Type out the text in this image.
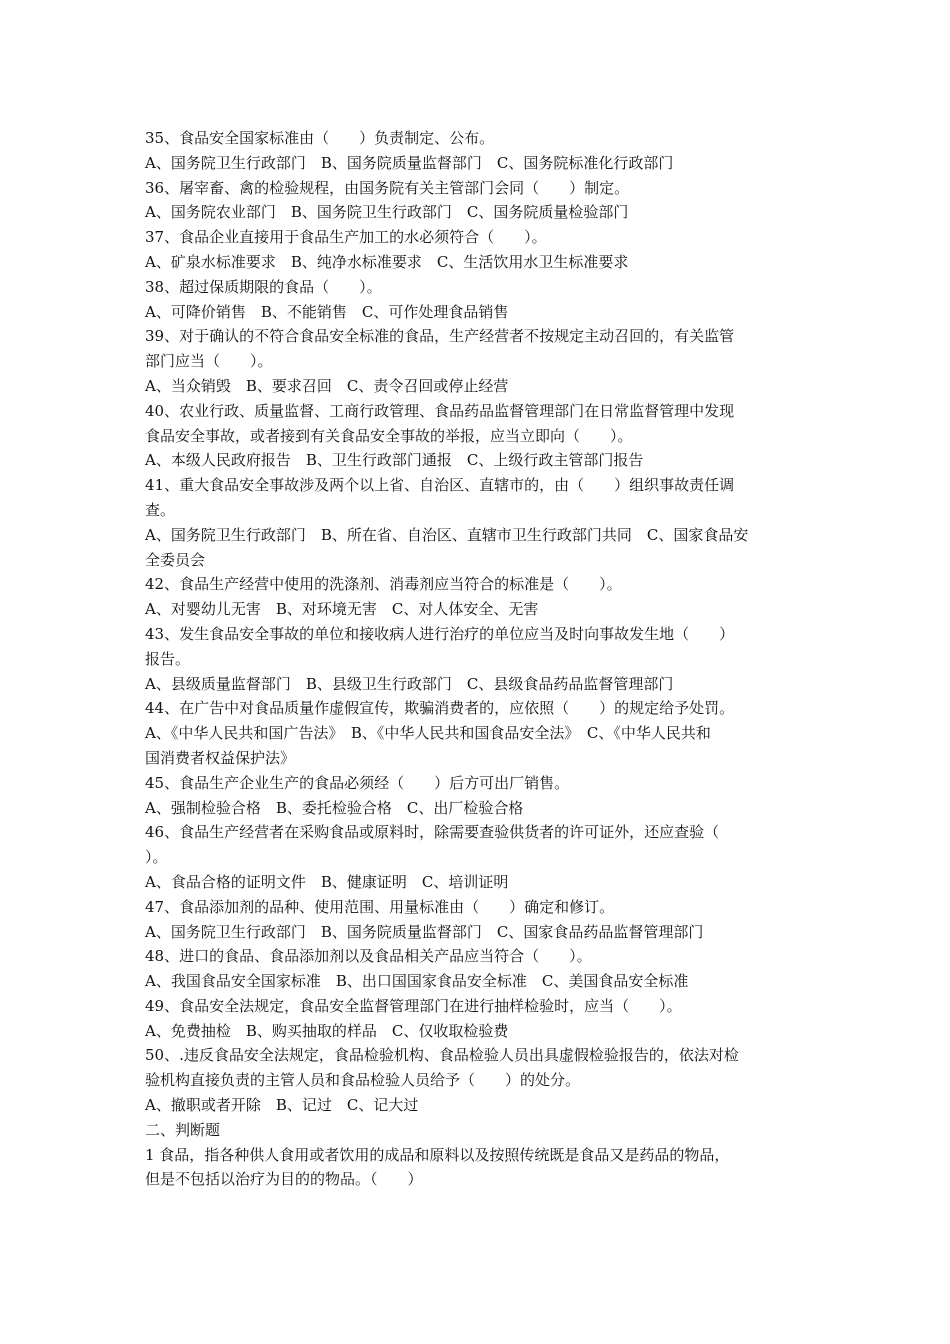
35、食品安全国家标准由（　　）负责制定、公布。
A、国务院卫生行政部门　B、国务院质量监督部门　C、国务院标准化行政部门
36、屠宰畜、禽的检验规程，由国务院有关主管部门会同（　　）制定。
A、国务院农业部门　B、国务院卫生行政部门　C、国务院质量检验部门
37、食品企业直接用于食品生产加工的水必须符合（　　）。
A、矿泉水标准要求　B、纯净水标准要求　C、生活饮用水卫生标准要求
38、超过保质期限的食品（　　）。
A、可降价销售　B、不能销售　C、可作处理食品销售
39、对于确认的不符合食品安全标准的食品，生产经营者不按规定主动召回的，有关监管
部门应当（　　）。
A、当众销毁　B、要求召回　C、责令召回或停止经营
40、农业行政、质量监督、工商行政管理、食品药品监督管理部门在日常监督管理中发现
食品安全事故，或者接到有关食品安全事故的举报，应当立即向（　　）。
A、本级人民政府报告　B、卫生行政部门通报　C、上级行政主管部门报告
41、重大食品安全事故涉及两个以上省、自治区、直辖市的，由（　　）组织事故责任调
查。
A、国务院卫生行政部门　B、所在省、自治区、直辖市卫生行政部门共同　C、国家食品安
全委员会
42、食品生产经营中使用的洗涤剂、消毒剂应当符合的标准是（　　）。
A、对婴幼儿无害　B、对环境无害　C、对人体安全、无害
43、发生食品安全事故的单位和接收病人进行治疗的单位应当及时向事故发生地（　　）
报告。
A、县级质量监督部门　B、县级卫生行政部门　C、县级食品药品监督管理部门
44、在广告中对食品质量作虚假宣传，欺骗消费者的，应依照（　　）的规定给予处罚。
A、《中华人民共和国广告法》　B、《中华人民共和国食品安全法》　C、《中华人民共和
国消费者权益保护法》
45、食品生产企业生产的食品必须经（　　）后方可出厂销售。
A、强制检验合格　B、委托检验合格　C、出厂检验合格
46、食品生产经营者在采购食品或原料时，除需要查验供货者的许可证外，还应查验（
）。
A、食品合格的证明文件　B、健康证明　C、培训证明
47、食品添加剂的品种、使用范围、用量标准由（　　）确定和修订。
A、国务院卫生行政部门　B、国务院质量监督部门　C、国家食品药品监督管理部门
48、进口的食品、食品添加剂以及食品相关产品应当符合（　　）。
A、我国食品安全国家标准　B、出口国国家食品安全标准　C、美国食品安全标准
49、食品安全法规定，食品安全监督管理部门在进行抽样检验时，应当（　　）。
A、免费抽检　B、购买抽取的样品　C、仅收取检验费
50、.违反食品安全法规定，食品检验机构、食品检验人员出具虚假检验报告的，依法对检
验机构直接负责的主管人员和食品检验人员给予（　　）的处分。
A、撤职或者开除　B、记过　C、记大过
二、判断题
1 食品，指各种供人食用或者饮用的成品和原料以及按照传统既是食品又是药品的物品，
但是不包括以治疗为目的的物品。（　　）
